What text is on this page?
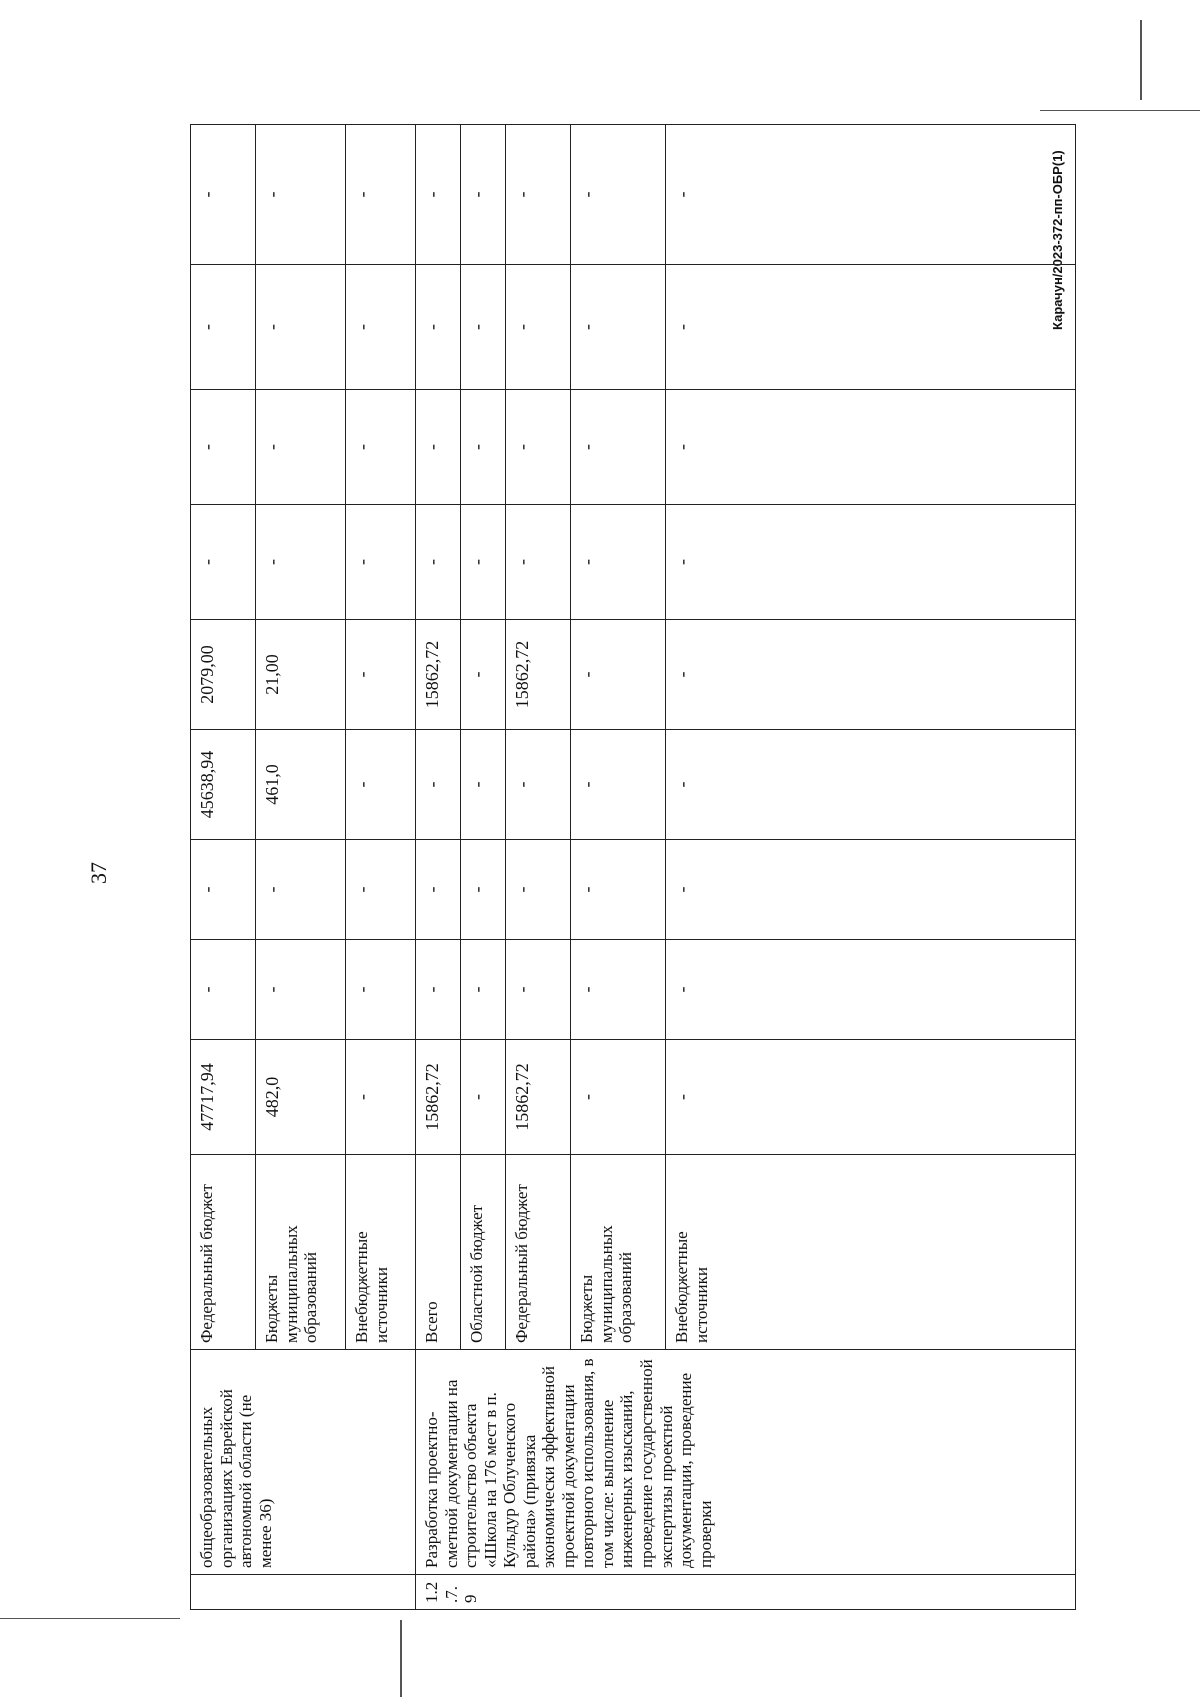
37
Карачун/2023-372-пп-ОБР(1)
	общеобразовательных организациях Еврейской автономной области (не менее 36)	Федеральный бюджет	47717,94	-	-	45638,94	2079,00	-	-	-	-
		Бюджеты муниципальных образований	482,0	-	-	461,0	21,00	-	-	-	-
		Внебюджетные источники	-	-	-	-	-	-	-	-	-
1.2.7.9	Разработка проектно-сметной документации на строительство объекта «Школа на 176 мест в п. Кульдур Облученского района» (привязка экономически эффективной проектной документации повторного использования, в том числе: выполнение инженерных изысканий, проведение государственной экспертизы проектной документации, проведение проверки	Всего	15862,72	-	-	-	15862,72	-	-	-	-
		Областной бюджет	-	-	-	-	-	-	-	-	-
		Федеральный бюджет	15862,72	-	-	-	15862,72	-	-	-	-
		Бюджеты муниципальных образований	-	-	-	-	-	-	-	-	-
		Внебюджетные источники	-	-	-	-	-	-	-	-	-
